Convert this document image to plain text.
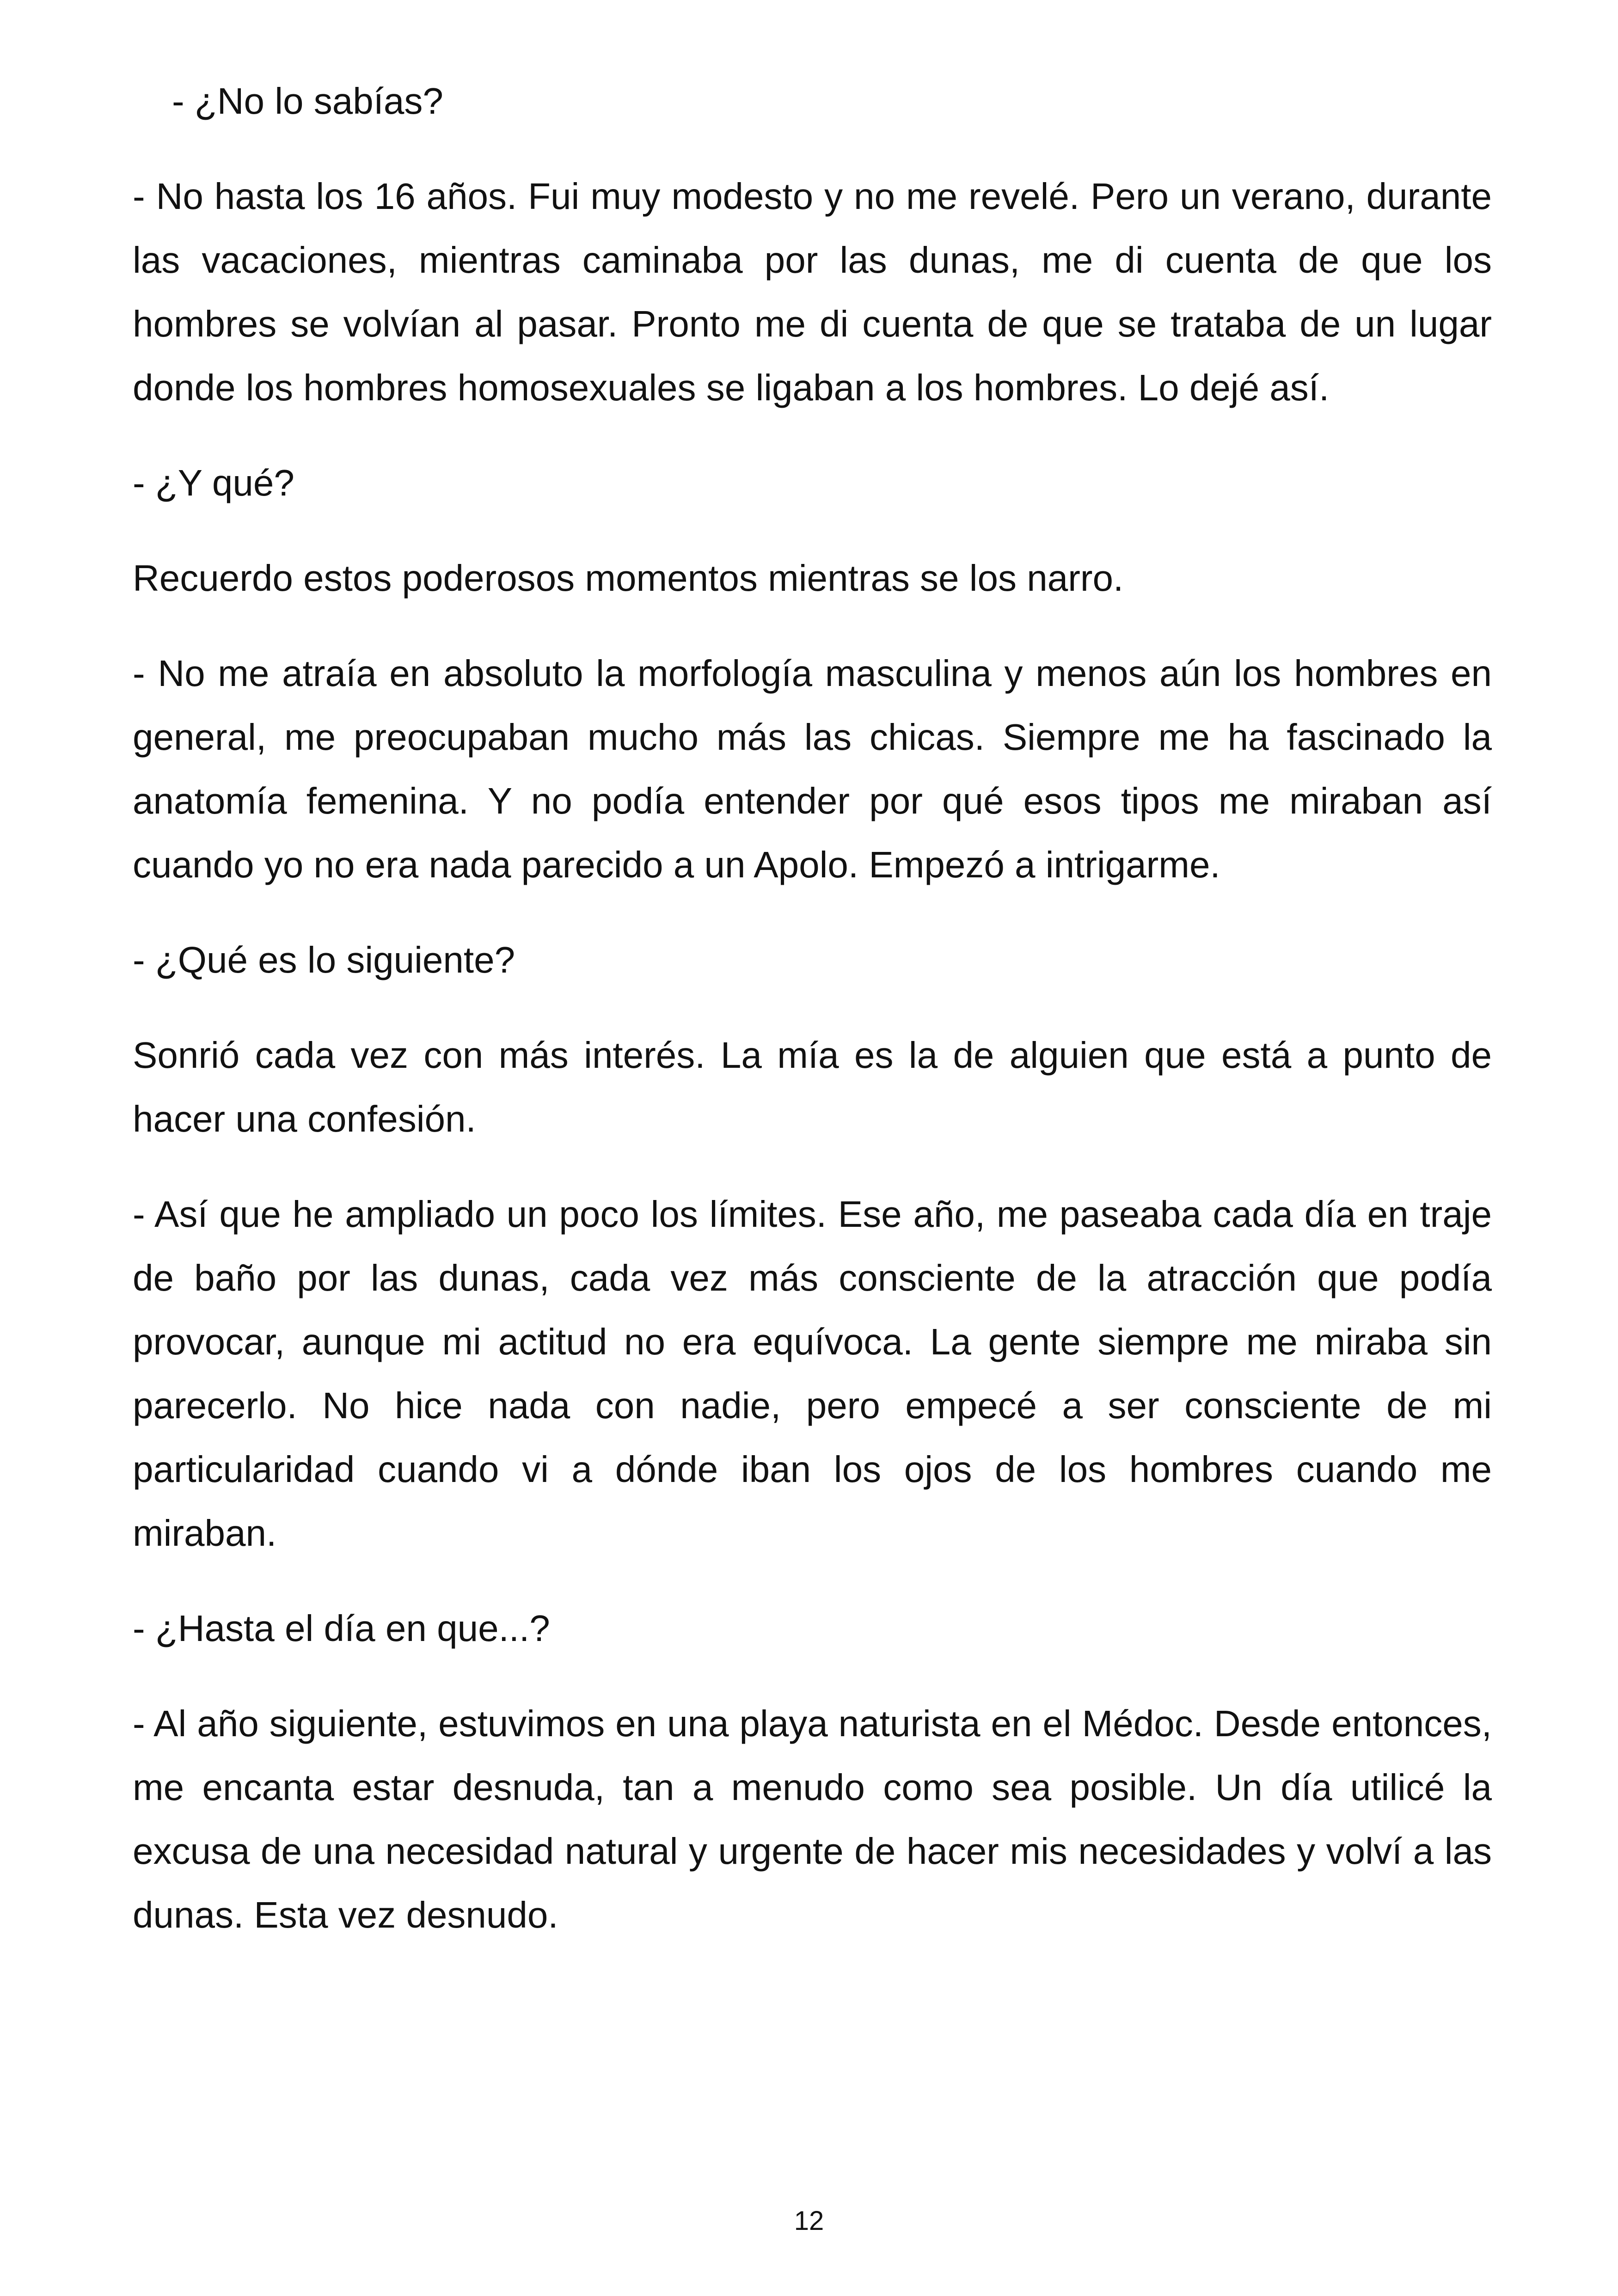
- ¿No lo sabías?

- No hasta los 16 años. Fui muy modesto y no me revelé. Pero un verano, durante las vacaciones, mientras caminaba por las dunas, me di cuenta de que los hombres se volvían al pasar. Pronto me di cuenta de que se trataba de un lugar donde los hombres homosexuales se ligaban a los hombres. Lo dejé así.

- ¿Y qué?

Recuerdo estos poderosos momentos mientras se los narro.

- No me atraía en absoluto la morfología masculina y menos aún los hombres en general, me preocupaban mucho más las chicas. Siempre me ha fascinado la anatomía femenina. Y no podía entender por qué esos tipos me miraban así cuando yo no era nada parecido a un Apolo. Empezó a intrigarme.

- ¿Qué es lo siguiente?

Sonrió cada vez con más interés. La mía es la de alguien que está a punto de hacer una confesión.

- Así que he ampliado un poco los límites. Ese año, me paseaba cada día en traje de baño por las dunas, cada vez más consciente de la atracción que podía provocar, aunque mi actitud no era equívoca. La gente siempre me miraba sin parecerlo. No hice nada con nadie, pero empecé a ser consciente de mi particularidad cuando vi a dónde iban los ojos de los hombres cuando me miraban.

- ¿Hasta el día en que...?

- Al año siguiente, estuvimos en una playa naturista en el Médoc. Desde entonces, me encanta estar desnuda, tan a menudo como sea posible. Un día utilicé la excusa de una necesidad natural y urgente de hacer mis necesidades y volví a las dunas. Esta vez desnudo.

12
